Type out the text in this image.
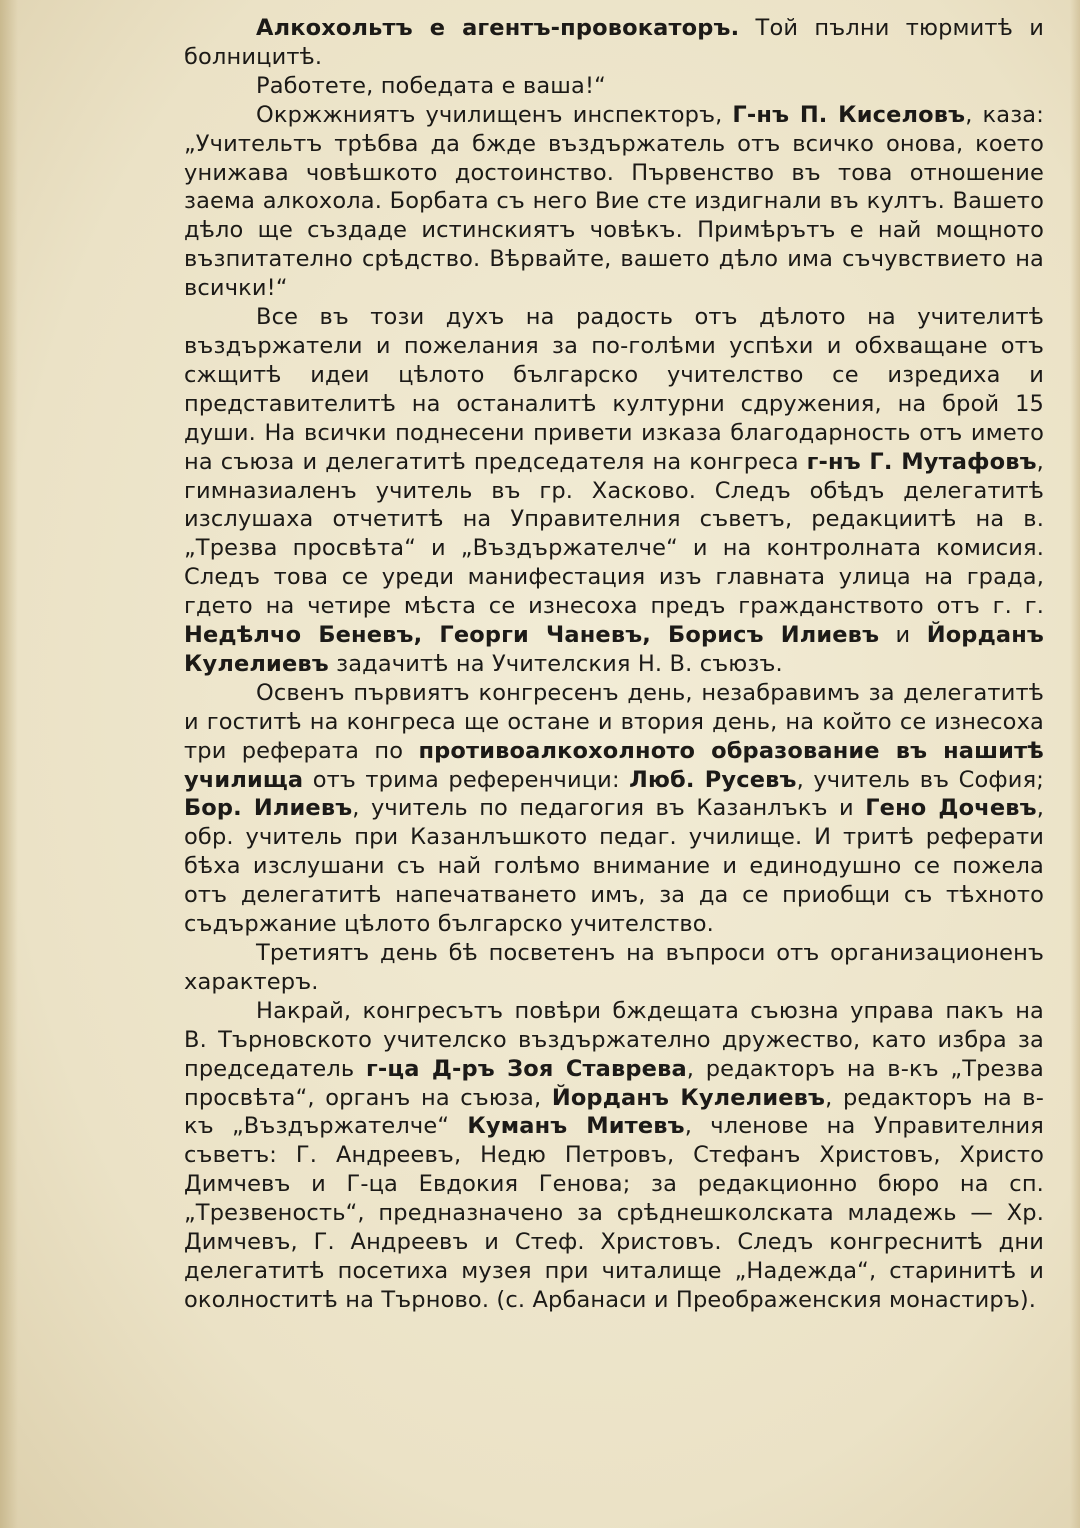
Алкохольтъ е агентъ-провокаторъ. Той пълни тюрмитѣ и болницитѣ.

Работете, победата е ваша!“

Окржжниятъ училищенъ инспекторъ, Г-нъ П. Киселовъ, каза: „Учительтъ трѣбва да бжде въздържатель отъ всичко онова, което унижава човѣшкото достоинство. Първенство въ това отношение заема алкохола. Борбата съ него Вие сте издигнали въ култъ. Вашето дѣло ще създаде истинскиятъ човѣкъ. Примѣрътъ е най мощното възпитателно срѣдство. Вѣрвайте, вашето дѣло има съчувствието на всички!“

Все въ този духъ на радость отъ дѣлото на учителитѣ въздържатели и пожелания за по-голѣми успѣхи и обхващане отъ сжщитѣ идеи цѣлото българско учителство се изредиха и представителитѣ на останалитѣ културни сдружения, на брой 15 души. На всички поднесени привети изказа благодарность отъ името на съюза и делегатитѣ председателя на конгреса г-нъ Г. Мутафовъ, гимназиаленъ учитель въ гр. Хасково. Следъ обѣдъ делегатитѣ изслушаха отчетитѣ на Управителния съветъ, редакциитѣ на в. „Трезва просвѣта“ и „Въздържателче“ и на контролната комисия. Следъ това се уреди манифестация изъ главната улица на града, гдето на четире мѣста се изнесоха предъ гражданството отъ г. г. Недѣлчо Беневъ, Георги Чаневъ, Борисъ Илиевъ и Йорданъ Кулелиевъ задачитѣ на Учителския Н. В. съюзъ.

Освенъ първиятъ конгресенъ день, незабравимъ за делегатитѣ и гоститѣ на конгреса ще остане и втория день, на който се изнесоха три реферата по противоалкохолното образование въ нашитѣ училища отъ трима референчици: Люб. Русевъ, учитель въ София; Бор. Илиевъ, учитель по педагогия въ Казанлъкъ и Гено Дочевъ, обр. учитель при Казанлъшкото педаг. училище. И тритѣ реферати бѣха изслушани съ най голѣмо внимание и единодушно се пожела отъ делегатитѣ напечатването имъ, за да се приобщи съ тѣхното съдържание цѣлото българско учителство.

Третиятъ день бѣ посветенъ на въпроси отъ организационенъ характеръ.

Накрай, конгресътъ повѣри бждещата съюзна управа пакъ на В. Търновското учителско въздържателно дружество, като избра за председатель г-ца Д-ръ Зоя Ставрева, редакторъ на в-къ „Трезва просвѣта“, органъ на съюза, Йорданъ Кулелиевъ, редакторъ на в-къ „Въздържателче“ Куманъ Митевъ, членове на Управителния съветъ: Г. Андреевъ, Недю Петровъ, Стефанъ Христовъ, Христо Димчевъ и Г-ца Евдокия Генова; за редакционно бюро на сп. „Трезвеность“, предназначено за срѣднешколската младежь — Хр. Димчевъ, Г. Андреевъ и Стеф. Христовъ. Следъ конгреснитѣ дни делегатитѣ посетиха музея при читалище „Надежда“, старинитѣ и околноститѣ на Търново. (с. Арбанаси и Преображенския монастиръ).
